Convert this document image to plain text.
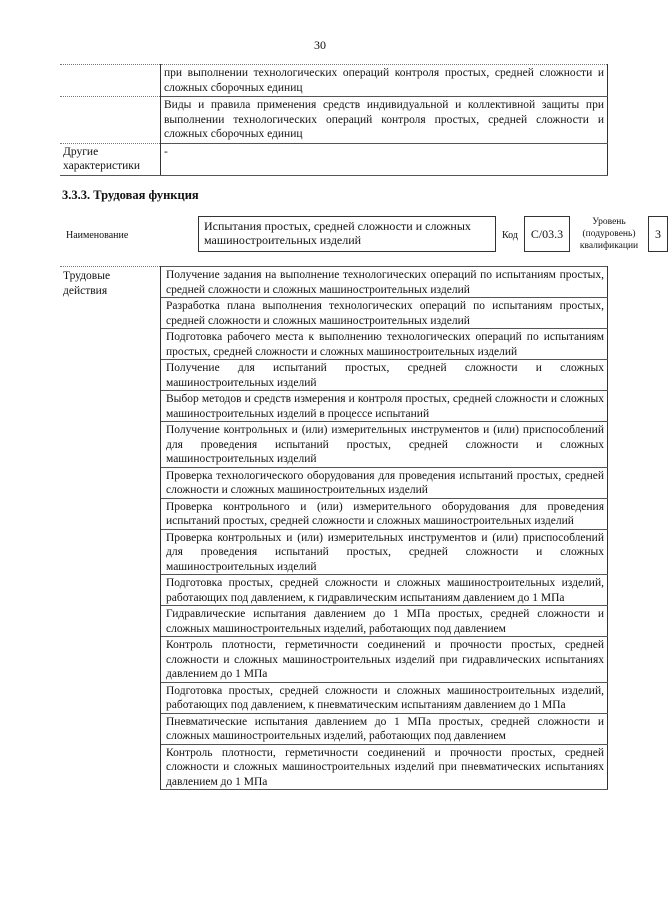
30
	при выполнении технологических операций контроля простых, средней сложности и сложных сборочных единиц
	Виды и правила применения средств индивидуальной и коллективной защиты при выполнении технологических операций контроля простых, средней сложности и сложных сборочных единиц
Другие характеристики	-
3.3.3. Трудовая функция
Наименование
Испытания простых, средней сложности и сложных машиностроительных изделий	Код	С/03.3
Уровень (подуровень) квалификации
3
Трудовые действия	Получение задания на выполнение технологических операций по испытаниям простых, средней сложности и сложных машиностроительных изделий
Разработка плана выполнения технологических операций по испытаниям простых, средней сложности и сложных машиностроительных изделий
Подготовка рабочего места к выполнению технологических операций по испытаниям простых, средней сложности и сложных машиностроительных изделий
Получение для испытаний простых, средней сложности и сложных машиностроительных изделий
Выбор методов и средств измерения и контроля простых, средней сложности и сложных машиностроительных изделий в процессе испытаний
Получение контрольных и (или) измерительных инструментов и (или) приспособлений для проведения испытаний простых, средней сложности и сложных машиностроительных изделий
Проверка технологического оборудования для проведения испытаний простых, средней сложности и сложных машиностроительных изделий
Проверка контрольного и (или) измерительного оборудования для проведения испытаний простых, средней сложности и сложных машиностроительных изделий
Проверка контрольных и (или) измерительных инструментов и (или) приспособлений для проведения испытаний простых, средней сложности и сложных машиностроительных изделий
Подготовка простых, средней сложности и сложных машиностроительных изделий, работающих под давлением, к гидравлическим испытаниям давлением до 1 МПа
Гидравлические испытания давлением до 1 МПа простых, средней сложности и сложных машиностроительных изделий, работающих под давлением
Контроль плотности, герметичности соединений и прочности простых, средней сложности и сложных машиностроительных изделий при гидравлических испытаниях давлением до 1 МПа
Подготовка простых, средней сложности и сложных машиностроительных изделий, работающих под давлением, к пневматическим испытаниям давлением до 1 МПа
Пневматические испытания давлением до 1 МПа простых, средней сложности и сложных машиностроительных изделий, работающих под давлением
Контроль плотности, герметичности соединений и прочности простых, средней сложности и сложных машиностроительных изделий при пневматических испытаниях давлением до 1 МПа
